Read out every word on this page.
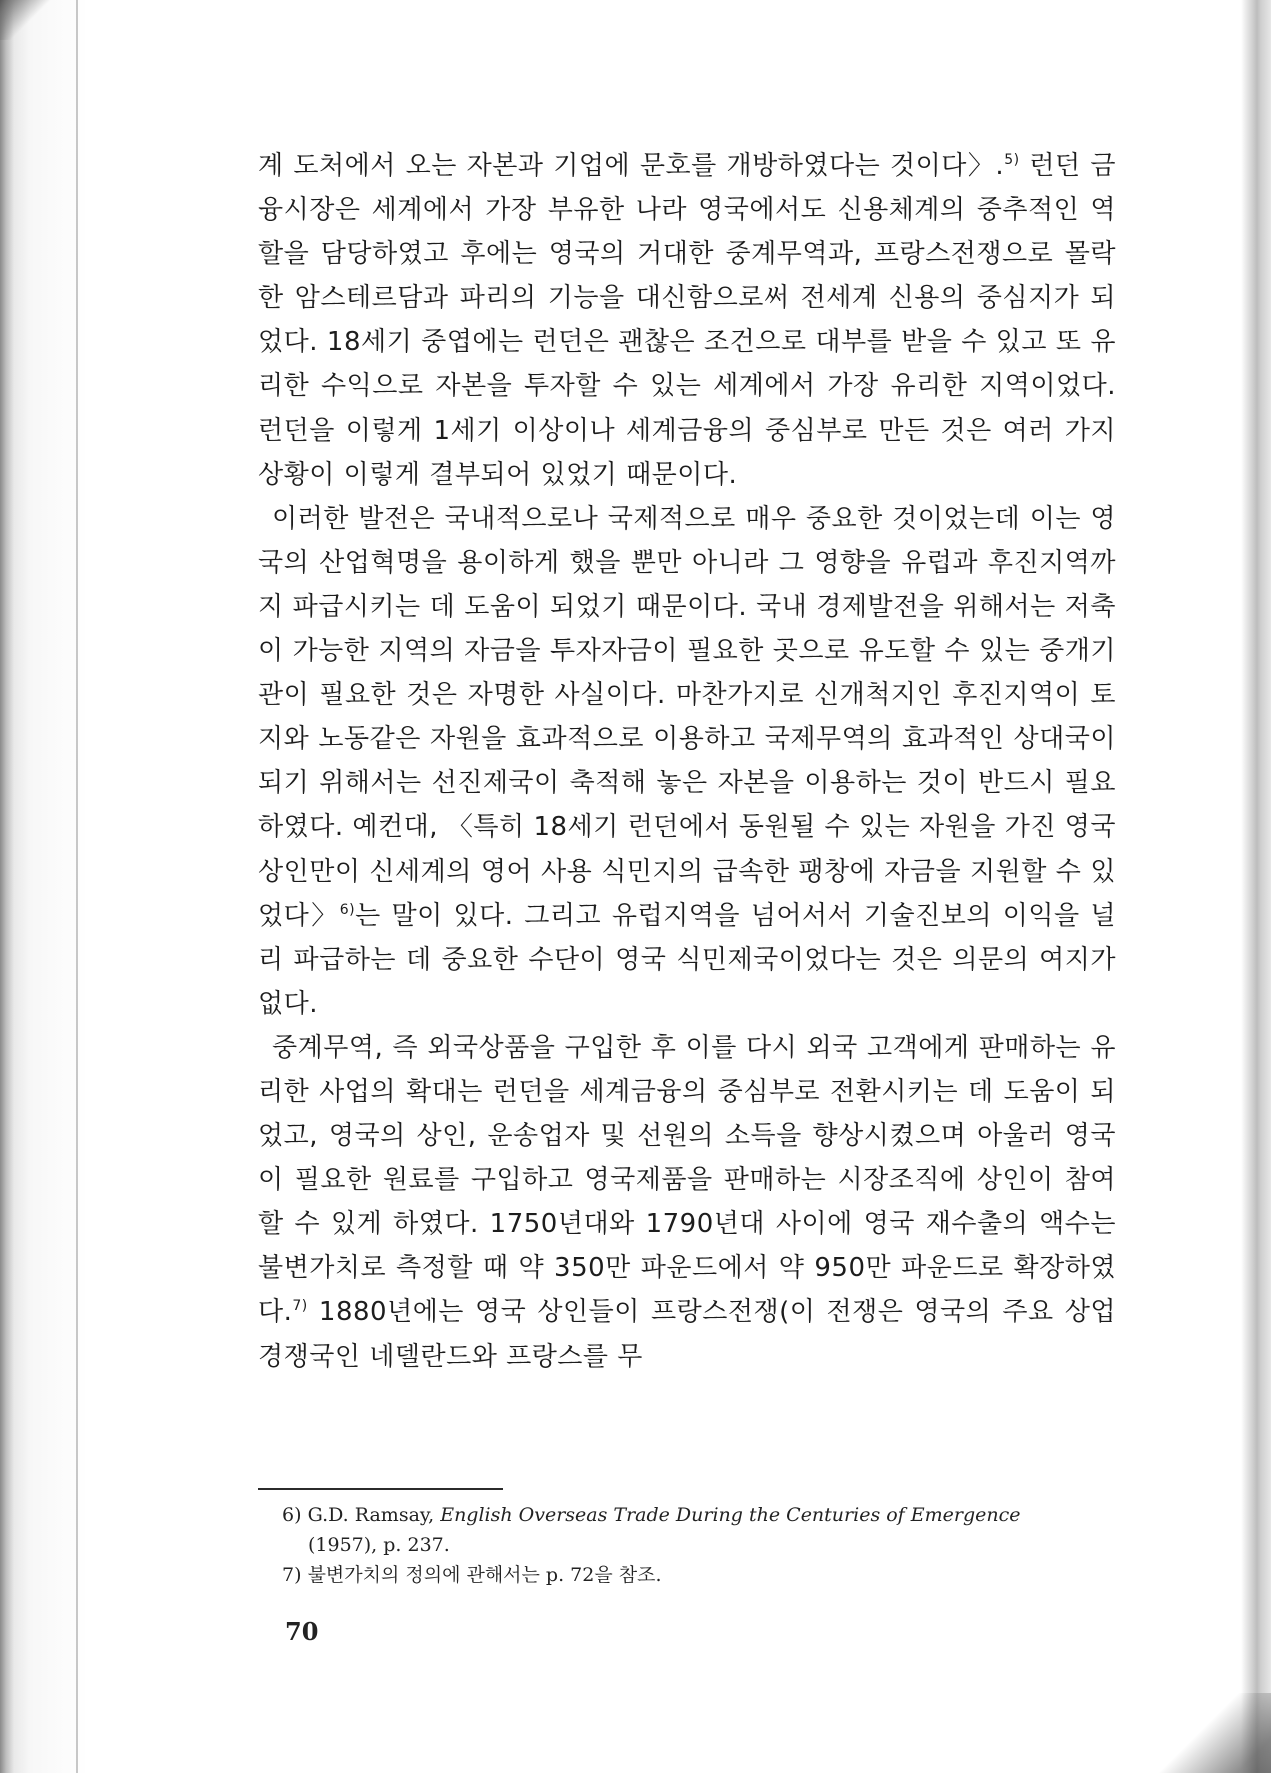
계 도처에서 오는 자본과 기업에 문호를 개방하였다는 것이다〉.$^{5)}$ 런던 금융시장은 세계에서 가장 부유한 나라 영국에서도 신용체계의 중추적인 역할을 담당하였고 후에는 영국의 거대한 중계무역과, 프랑스전쟁으로 몰락한 암스테르담과 파리의 기능을 대신함으로써 전세계 신용의 중심지가 되었다. 18세기 중엽에는 런던은 괜찮은 조건으로 대부를 받을 수 있고 또 유리한 수익으로 자본을 투자할 수 있는 세계에서 가장 유리한 지역이었다. 런던을 이렇게 1세기 이상이나 세계금융의 중심부로 만든 것은 여러 가지 상황이 이렇게 결부되어 있었기 때문이다.

이러한 발전은 국내적으로나 국제적으로 매우 중요한 것이었는데 이는 영국의 산업혁명을 용이하게 했을 뿐만 아니라 그 영향을 유럽과 후진지역까지 파급시키는 데 도움이 되었기 때문이다. 국내 경제발전을 위해서는 저축이 가능한 지역의 자금을 투자자금이 필요한 곳으로 유도할 수 있는 중개기관이 필요한 것은 자명한 사실이다. 마찬가지로 신개척지인 후진지역이 토지와 노동같은 자원을 효과적으로 이용하고 국제무역의 효과적인 상대국이 되기 위해서는 선진제국이 축적해 놓은 자본을 이용하는 것이 반드시 필요하였다. 예컨대, 〈특히 18세기 런던에서 동원될 수 있는 자원을 가진 영국 상인만이 신세계의 영어 사용 식민지의 급속한 팽창에 자금을 지원할 수 있었다〉$^{6)}$는 말이 있다. 그리고 유럽지역을 넘어서서 기술진보의 이익을 널리 파급하는 데 중요한 수단이 영국 식민제국이었다는 것은 의문의 여지가 없다.

중계무역, 즉 외국상품을 구입한 후 이를 다시 외국 고객에게 판매하는 유리한 사업의 확대는 런던을 세계금융의 중심부로 전환시키는 데 도움이 되었고, 영국의 상인, 운송업자 및 선원의 소득을 향상시켰으며 아울러 영국이 필요한 원료를 구입하고 영국제품을 판매하는 시장조직에 상인이 참여할 수 있게 하였다. 1750년대와 1790년대 사이에 영국 재수출의 액수는 불변가치로 측정할 때 약 350만 파운드에서 약 950만 파운드로 확장하였다.$^{7)}$ 1880년에는 영국 상인들이 프랑스전쟁(이 전쟁은 영국의 주요 상업경쟁국인 네델란드와 프랑스를 무

6) G.D. Ramsay, English Overseas Trade During the Centuries of Emergence
(1957), p. 237.
7) 불변가치의 정의에 관해서는 p. 72을 참조.
70
